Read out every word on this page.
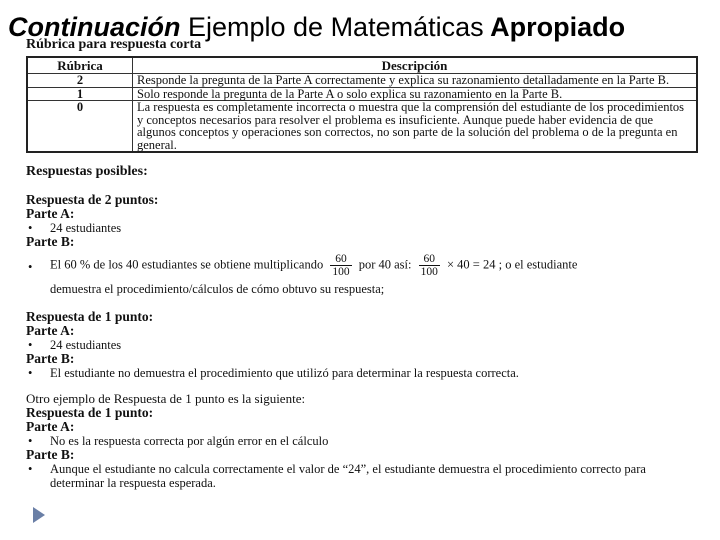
Continuación Ejemplo de Matemáticas Apropiado
Rúbrica para respuesta corta
Rúbrica	Descripción
2	Responde la pregunta de la Parte A correctamente y explica su razonamiento detalladamente en la Parte B.
1	Solo responde la pregunta de la Parte A o solo explica su razonamiento en la Parte B.
0	La respuesta es completamente incorrecta o muestra que la comprensión del estudiante de los procedimientos y conceptos necesarios para resolver el problema es insuficiente. Aunque puede haber evidencia de que algunos conceptos y operaciones son correctos, no son parte de la solución del problema o de la pregunta en general.
Respuestas posibles:
Respuesta de 2 puntos:
Parte A:
• 24 estudiantes
Parte B:
• El 60 % de los 40 estudiantes se obtiene multiplicando $\frac{60}{100}$ por 40 así: $\frac{60}{100} \times 40 = 24$ ; o el estudiante
demuestra el procedimiento/cálculos de cómo obtuvo su respuesta;
Respuesta de 1 punto:
Parte A:
• 24 estudiantes
Parte B:
• El estudiante no demuestra el procedimiento que utilizó para determinar la respuesta correcta.
Otro ejemplo de Respuesta de 1 punto es la siguiente:
Respuesta de 1 punto:
Parte A:
• No es la respuesta correcta por algún error en el cálculo
Parte B:
• Aunque el estudiante no calcula correctamente el valor de “24”, el estudiante demuestra el procedimiento correcto para determinar la respuesta esperada.
